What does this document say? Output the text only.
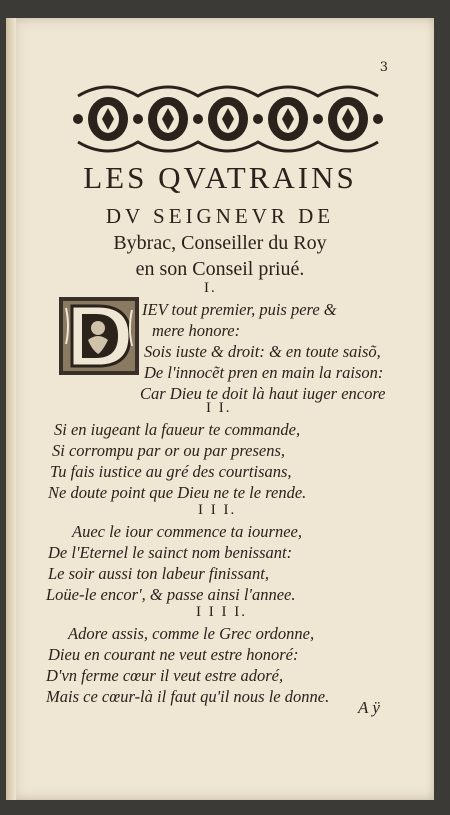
3
LES QVATRAINS
DV SEIGNEVR DE
Bybrac, Conseiller du Roy
en son Conseil priué.
I.
IEV tout premier, puis pere &
mere honore:
Sois iuste & droit: & en toute saisõ,
De l'innocẽt pren en main la raison:
Car Dieu te doit là haut iuger encore
I I.
Si en iugeant la faueur te commande,
Si corrompu par or ou par presens,
Tu fais iustice au gré des courtisans,
Ne doute point que Dieu ne te le rende.
I I I.
Auec le iour commence ta iournee,
De l'Eternel le sainct nom benissant:
Le soir aussi ton labeur finissant,
Loüe-le encor', & passe ainsi l'annee.
I I I I.
Adore assis, comme le Grec ordonne,
Dieu en courant ne veut estre honoré:
D'vn ferme cœur il veut estre adoré,
Mais ce cœur-là il faut qu'il nous le donne.
A ÿ
